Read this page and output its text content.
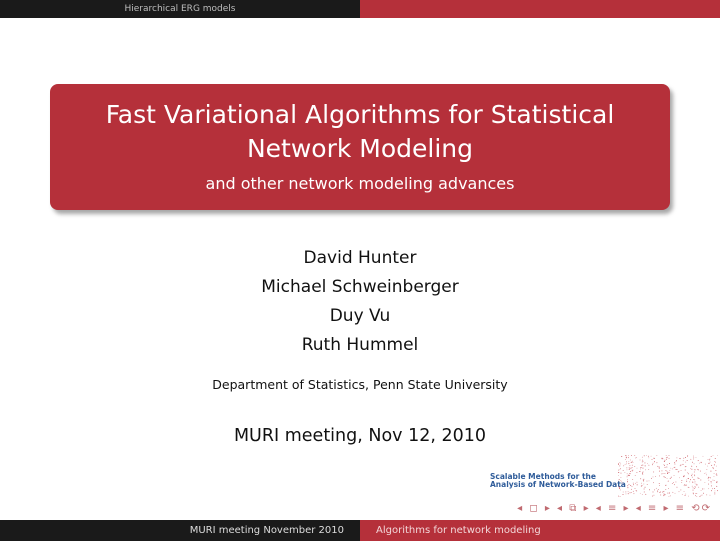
Hierarchical ERG models
Fast Variational Algorithms for Statistical Network Modeling
and other network modeling advances
David Hunter
Michael Schweinberger
Duy Vu
Ruth Hummel
Department of Statistics, Penn State University
MURI meeting, Nov 12, 2010
Scalable Methods for the
Analysis of Network-Based Data
◂ ◻ ▸ ◂ ⧉ ▸ ◂ ≡ ▸ ◂ ≡ ▸ ≡ ⟲⟳
MURI meeting November 2010	Algorithms for network modeling
